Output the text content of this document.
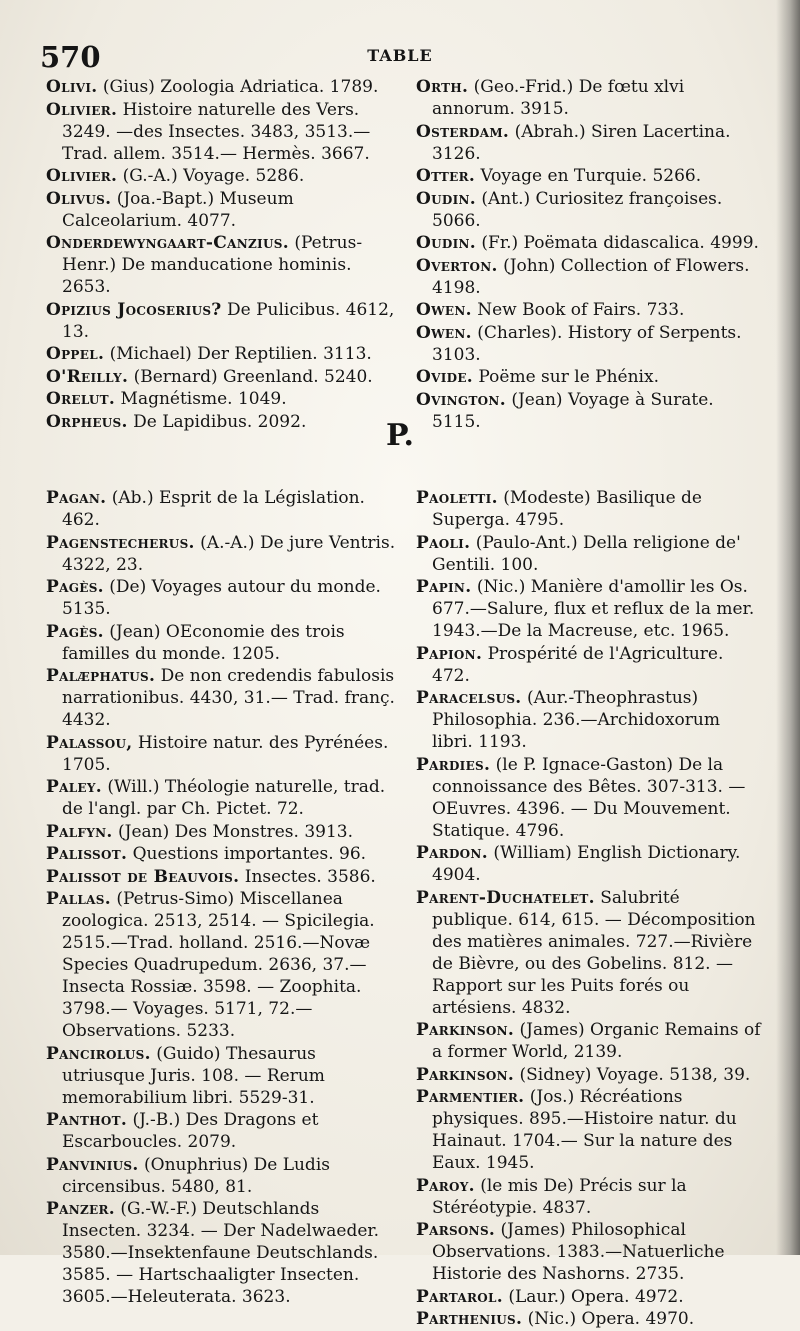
570	TABLE

Olivi. (Gius) Zoologia Adriatica. 1789.

Olivier. Histoire naturelle des Vers. 3249. —des Insectes. 3483, 3513.— Trad. allem. 3514.— Hermès. 3667.

Olivier. (G.-A.) Voyage. 5286.

Olivus. (Joa.-Bapt.) Museum Calceolarium. 4077.

Onderdewyngaart-Canzius. (Petrus-Henr.) De manducatione hominis. 2653.

Opizius Jocoserius? De Pulicibus. 4612, 13.

Oppel. (Michael) Der Reptilien. 3113.

O'Reilly. (Bernard) Greenland. 5240.

Orelut. Magnétisme. 1049.

Orpheus. De Lapidibus. 2092.

Orth. (Geo.-Frid.) De fœtu xlvi annorum. 3915.

Osterdam. (Abrah.) Siren Lacertina. 3126.

Otter. Voyage en Turquie. 5266.

Oudin. (Ant.) Curiositez françoises. 5066.

Oudin. (Fr.) Poëmata didascalica. 4999.

Overton. (John) Collection of Flowers. 4198.

Owen. New Book of Fairs. 733.

Owen. (Charles). History of Serpents. 3103.

Ovide. Poëme sur le Phénix.

Ovington. (Jean) Voyage à Surate. 5115.

P.

Pagan. (Ab.) Esprit de la Législation. 462.

Pagenstecherus. (A.-A.) De jure Ventris. 4322, 23.

Pagès. (De) Voyages autour du monde. 5135.

Pagès. (Jean) OEconomie des trois familles du monde. 1205.

Palæphatus. De non credendis fabulosis narrationibus. 4430, 31.— Trad. franç. 4432.

Palassou, Histoire natur. des Pyrénées. 1705.

Paley. (Will.) Théologie naturelle, trad. de l'angl. par Ch. Pictet. 72.

Palfyn. (Jean) Des Monstres. 3913.

Palissot. Questions importantes. 96.

Palissot de Beauvois. Insectes. 3586.

Pallas. (Petrus-Simo) Miscellanea zoologica. 2513, 2514. — Spicilegia. 2515.—Trad. holland. 2516.—Novæ Species Quadrupedum. 2636, 37.— Insecta Rossiæ. 3598. — Zoophita. 3798.— Voyages. 5171, 72.— Observations. 5233.

Pancirolus. (Guido) Thesaurus utriusque Juris. 108. — Rerum memorabilium libri. 5529-31.

Panthot. (J.-B.) Des Dragons et Escarboucles. 2079.

Panvinius. (Onuphrius) De Ludis circensibus. 5480, 81.

Panzer. (G.-W.-F.) Deutschlands Insecten. 3234. — Der Nadelwaeder. 3580.—Insektenfaune Deutschlands. 3585. — Hartschaaligter Insecten. 3605.—Heleuterata. 3623.

Paoletti. (Modeste) Basilique de Superga. 4795.

Paoli. (Paulo-Ant.) Della religione de' Gentili. 100.

Papin. (Nic.) Manière d'amollir les Os. 677.—Salure, flux et reflux de la mer. 1943.—De la Macreuse, etc. 1965.

Papion. Prospérité de l'Agriculture. 472.

Paracelsus. (Aur.-Theophrastus) Philosophia. 236.—Archidoxorum libri. 1193.

Pardies. (le P. Ignace-Gaston) De la connoissance des Bêtes. 307-313. — OEuvres. 4396. — Du Mouvement. Statique. 4796.

Pardon. (William) English Dictionary. 4904.

Parent-Duchatelet. Salubrité publique. 614, 615. — Décomposition des matières animales. 727.—Rivière de Bièvre, ou des Gobelins. 812. — Rapport sur les Puits forés ou artésiens. 4832.

Parkinson. (James) Organic Remains of a former World, 2139.

Parkinson. (Sidney) Voyage. 5138, 39.

Parmentier. (Jos.) Récréations physiques. 895.—Histoire natur. du Hainaut. 1704.— Sur la nature des Eaux. 1945.

Paroy. (le mis De) Précis sur la Stéréotypie. 4837.

Parsons. (James) Philosophical Observations. 1383.—Natuerliche Historie des Nashorns. 2735.

Partarol. (Laur.) Opera. 4972.

Parthenius. (Nic.) Opera. 4970.
